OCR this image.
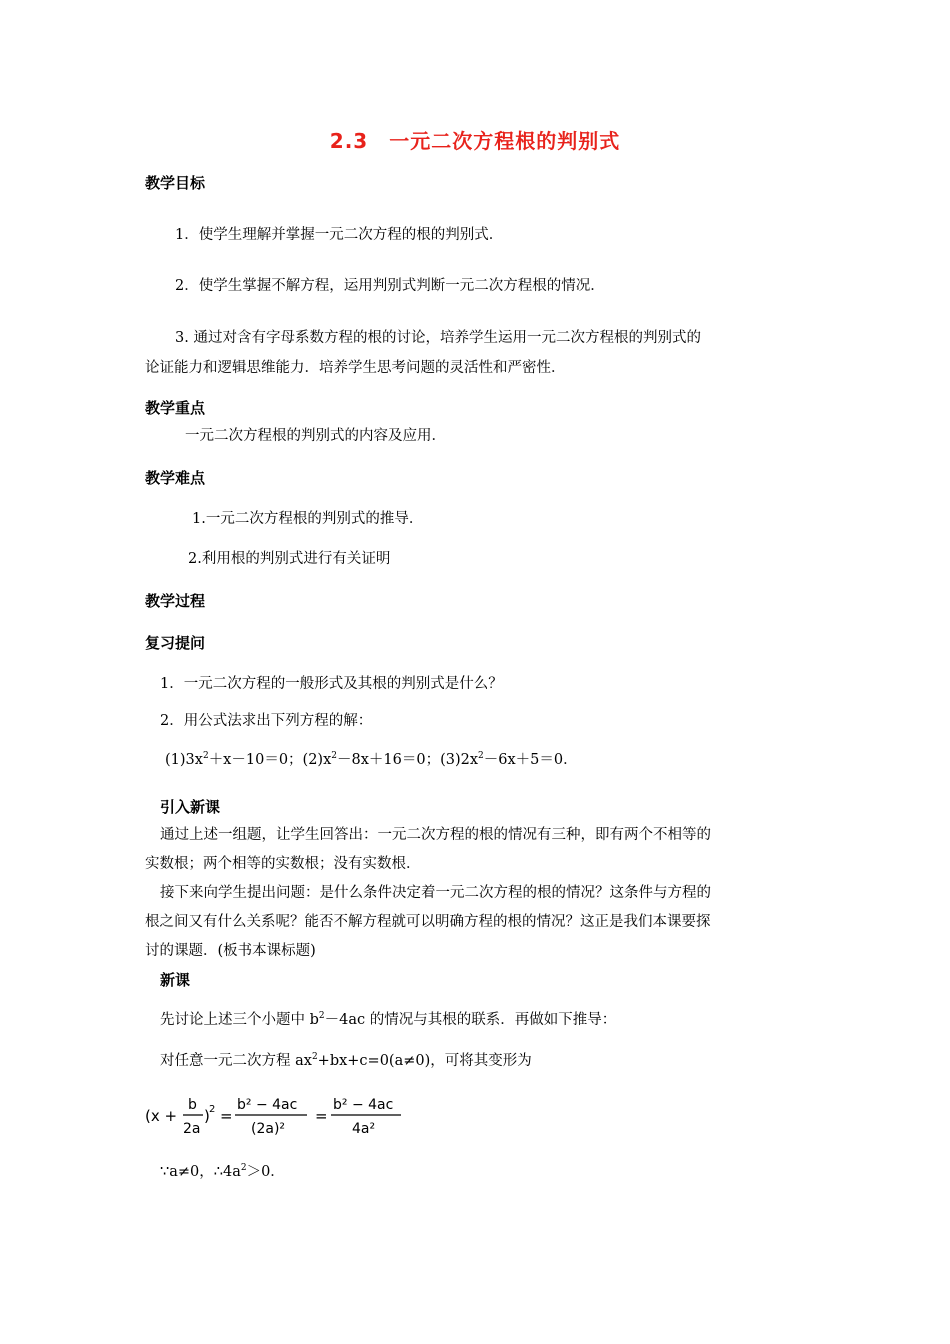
2.3　一元二次方程根的判别式
教学目标
1．使学生理解并掌握一元二次方程的根的判别式．
2．使学生掌握不解方程，运用判别式判断一元二次方程根的情况．
3. 通过对含有字母系数方程的根的讨论，培养学生运用一元二次方程根的判别式的
论证能力和逻辑思维能力．培养学生思考问题的灵活性和严密性．
教学重点
一元二次方程根的判别式的内容及应用．
教学难点
1.一元二次方程根的判别式的推导．
2.利用根的判别式进行有关证明
教学过程
复习提问
1．一元二次方程的一般形式及其根的判别式是什么？
2．用公式法求出下列方程的解：
$(1)3x^2+x-10=0$；$(2)x^2-8x+16=0$；$(3)2x^2-6x+5=0$．
引入新课
通过上述一组题，让学生回答出：一元二次方程的根的情况有三种，即有两个不相等的
实数根；两个相等的实数根；没有实数根．
接下来向学生提出问题：是什么条件决定着一元二次方程的根的情况？这条件与方程的
根之间又有什么关系呢？能否不解方程就可以明确方程的根的情况？这正是我们本课要探
讨的课题．(板书本课标题)
新课
先讨论上述三个小题中 $b^2-4ac$ 的情况与其根的联系．再做如下推导：
对任意一元二次方程 $ax^2+bx+c=0(a\ne 0)$，可将其变形为
(x +
b
2a
) 2 =
b² − 4ac
(2a)²
=
b² − 4ac
4a²
∵a≠0，$\therefore 4a^2>0$．
